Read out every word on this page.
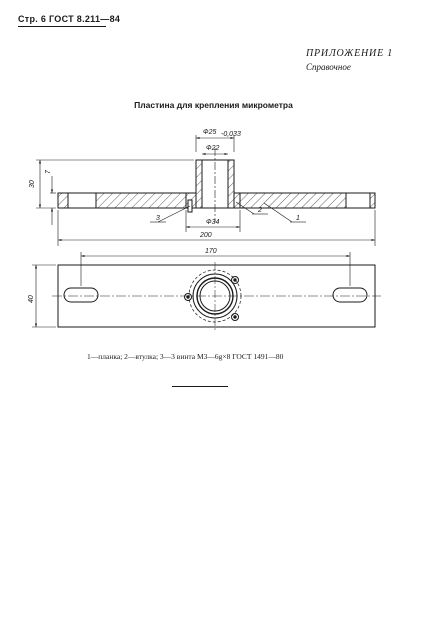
Стр. 6 ГОСТ 8.211—84
ПРИЛОЖЕНИЕ 1
Справочное
Пластина для крепления микрометра
Ф25 -0,033
Ф22
Ф34
200
30
7
3
2
1
170
40
1—планка; 2—втулка; 3—3 винта М3—6g×8 ГОСТ 1491—80
